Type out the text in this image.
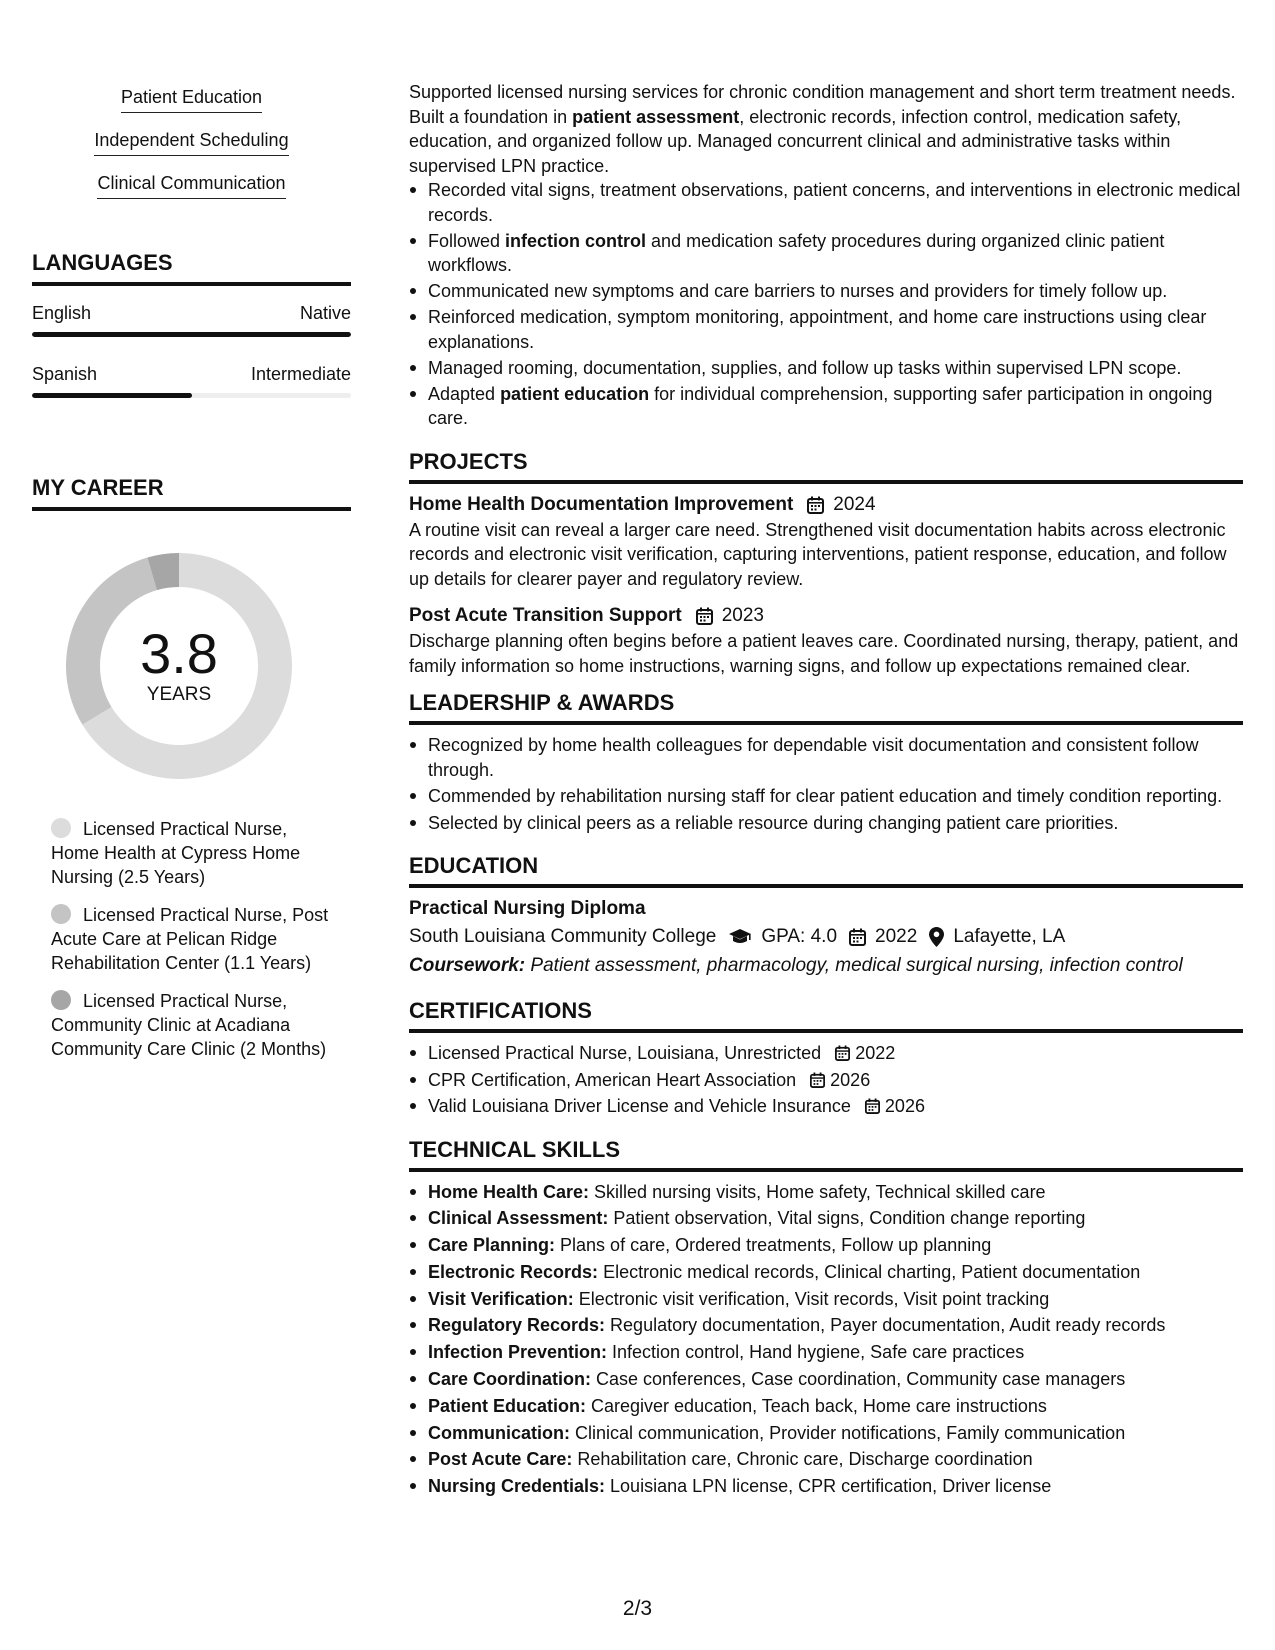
Patient Education
Independent Scheduling
Clinical Communication
LANGUAGES
English	Native
Spanish	Intermediate
MY CAREER
3.8
YEARS
Licensed Practical Nurse, Home Health at Cypress Home Nursing (2.5 Years)
Licensed Practical Nurse, Post Acute Care at Pelican Ridge Rehabilitation Center (1.1 Years)
Licensed Practical Nurse, Community Clinic at Acadiana Community Care Clinic (2 Months)
Supported licensed nursing services for chronic condition management and short term treatment needs. Built a foundation in patient assessment, electronic records, infection control, medication safety, education, and organized follow up. Managed concurrent clinical and administrative tasks within supervised LPN practice.
Recorded vital signs, treatment observations, patient concerns, and interventions in electronic medical records.
Followed infection control and medication safety procedures during organized clinic patient workflows.
Communicated new symptoms and care barriers to nurses and providers for timely follow up.
Reinforced medication, symptom monitoring, appointment, and home care instructions using clear explanations.
Managed rooming, documentation, supplies, and follow up tasks within supervised LPN scope.
Adapted patient education for individual comprehension, supporting safer participation in ongoing care.
PROJECTS
Home Health Documentation Improvement 2024
A routine visit can reveal a larger care need. Strengthened visit documentation habits across electronic records and electronic visit verification, capturing interventions, patient response, education, and follow up details for clearer payer and regulatory review.
Post Acute Transition Support 2023
Discharge planning often begins before a patient leaves care. Coordinated nursing, therapy, patient, and family information so home instructions, warning signs, and follow up expectations remained clear.
LEADERSHIP & AWARDS
Recognized by home health colleagues for dependable visit documentation and consistent follow through.
Commended by rehabilitation nursing staff for clear patient education and timely condition reporting.
Selected by clinical peers as a reliable resource during changing patient care priorities.
EDUCATION
Practical Nursing Diploma
South Louisiana Community College GPA: 4.0 2022 Lafayette, LA
Coursework: Patient assessment, pharmacology, medical surgical nursing, infection control
CERTIFICATIONS
Licensed Practical Nurse, Louisiana, Unrestricted 2022
CPR Certification, American Heart Association 2026
Valid Louisiana Driver License and Vehicle Insurance 2026
TECHNICAL SKILLS
Home Health Care: Skilled nursing visits, Home safety, Technical skilled care
Clinical Assessment: Patient observation, Vital signs, Condition change reporting
Care Planning: Plans of care, Ordered treatments, Follow up planning
Electronic Records: Electronic medical records, Clinical charting, Patient documentation
Visit Verification: Electronic visit verification, Visit records, Visit point tracking
Regulatory Records: Regulatory documentation, Payer documentation, Audit ready records
Infection Prevention: Infection control, Hand hygiene, Safe care practices
Care Coordination: Case conferences, Case coordination, Community case managers
Patient Education: Caregiver education, Teach back, Home care instructions
Communication: Clinical communication, Provider notifications, Family communication
Post Acute Care: Rehabilitation care, Chronic care, Discharge coordination
Nursing Credentials: Louisiana LPN license, CPR certification, Driver license
2/3
